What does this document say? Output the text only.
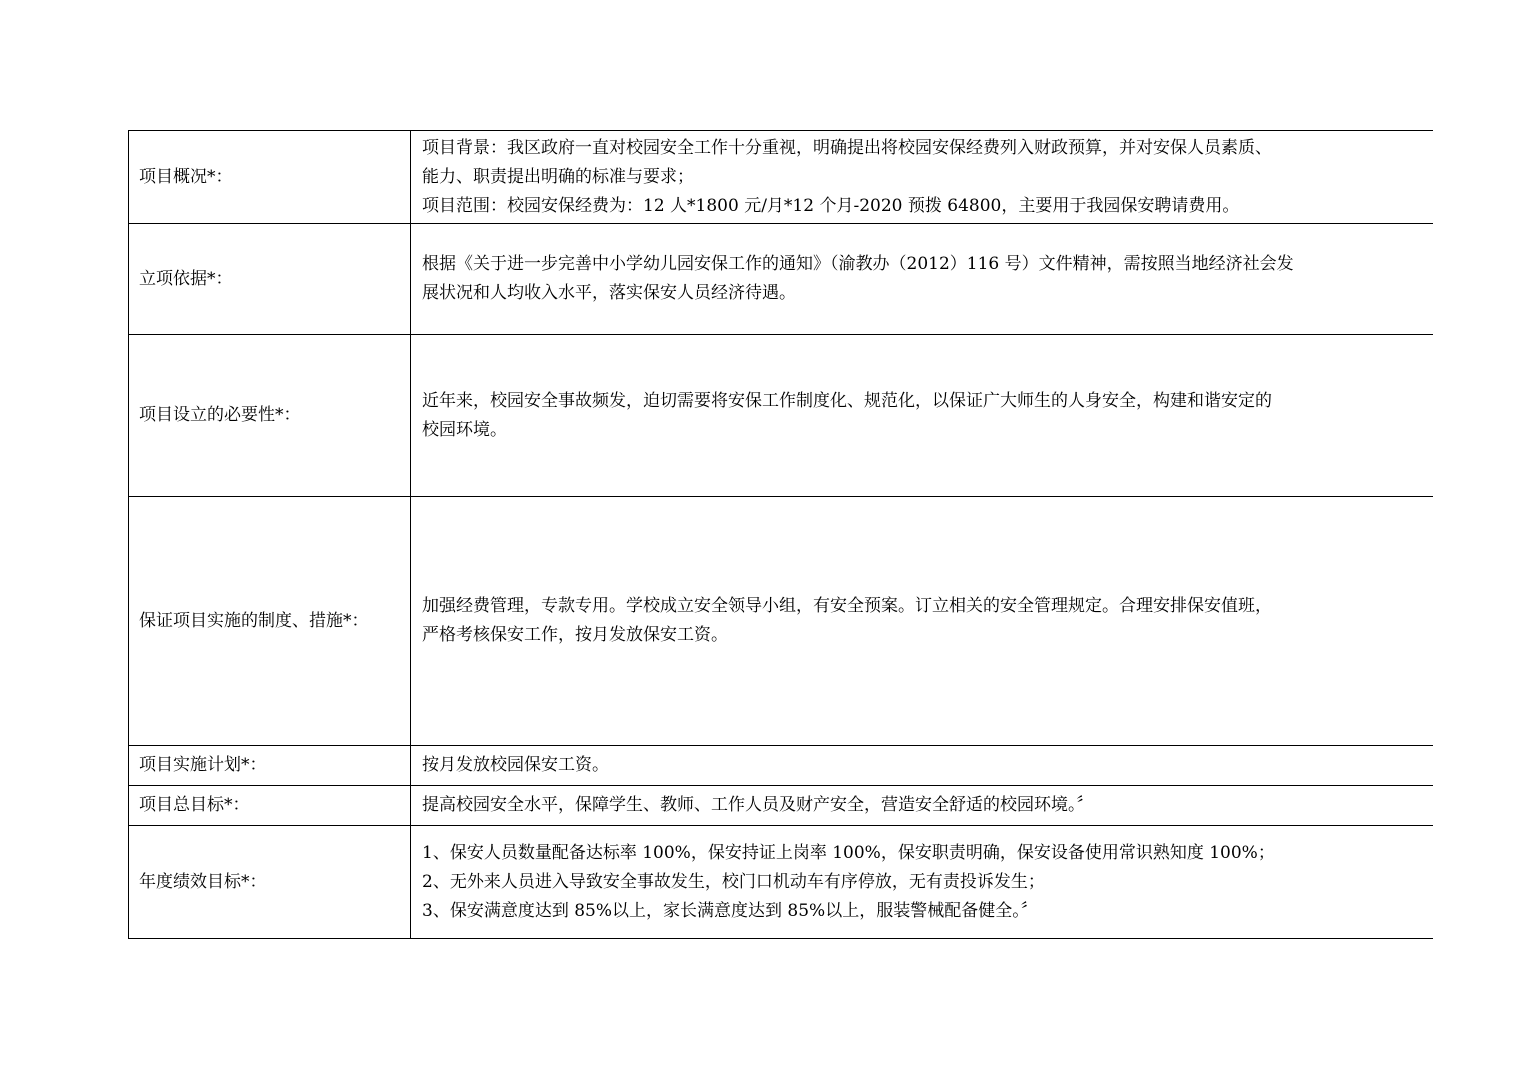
项目概况*：	项目背景：我区政府一直对校园安全工作十分重视，明确提出将校园安保经费列入财政预算，并对安保人员素质、
能力、职责提出明确的标准与要求；
项目范围：校园安保经费为：12 人*1800 元/月*12 个月-2020 预拨 64800，主要用于我园保安聘请费用。

立项依据*：	根据《关于进一步完善中小学幼儿园安保工作的通知》（渝教办（2012）116 号）文件精神，需按照当地经济社会发
展状况和人均收入水平，落实保安人员经济待遇。

项目设立的必要性*：	近年来，校园安全事故频发，迫切需要将安保工作制度化、规范化，以保证广大师生的人身安全，构建和谐安定的
校园环境。

保证项目实施的制度、措施*：	加强经费管理，专款专用。学校成立安全领导小组，有安全预案。订立相关的安全管理规定。合理安排保安值班，
严格考核保安工作，按月发放保安工资。

项目实施计划*：	按月发放校园保安工资。

项目总目标*：	提高校园安全水平，保障学生、教师、工作人员及财产安全，营造安全舒适的校园环境。〞

年度绩效目标*：	1、保安人员数量配备达标率 100%，保安持证上岗率 100%，保安职责明确，保安设备使用常识熟知度 100%；
2、无外来人员进入导致安全事故发生，校门口机动车有序停放，无有责投诉发生；
3、保安满意度达到 85%以上，家长满意度达到 85%以上，服装警械配备健全。〞
